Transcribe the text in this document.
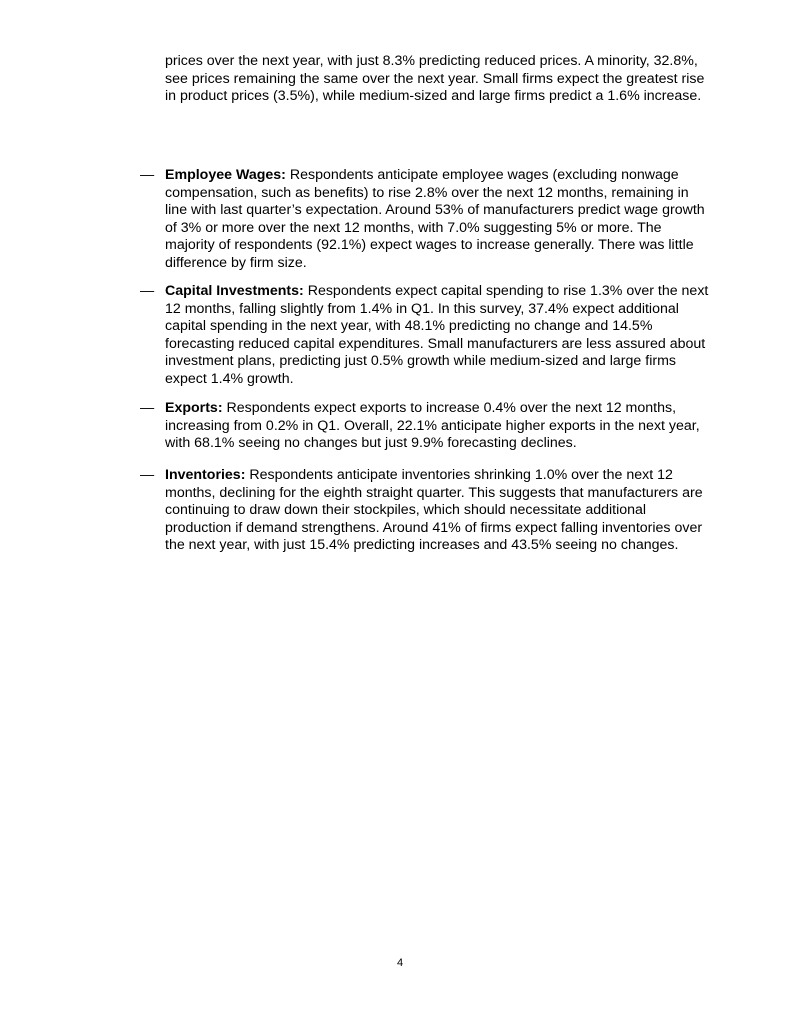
prices over the next year, with just 8.3% predicting reduced prices. A minority, 32.8%, see prices remaining the same over the next year. Small firms expect the greatest rise in product prices (3.5%), while medium-sized and large firms predict a 1.6% increase.
— Employee Wages: Respondents anticipate employee wages (excluding nonwage compensation, such as benefits) to rise 2.8% over the next 12 months, remaining in line with last quarter’s expectation. Around 53% of manufacturers predict wage growth of 3% or more over the next 12 months, with 7.0% suggesting 5% or more. The majority of respondents (92.1%) expect wages to increase generally. There was little difference by firm size.
— Capital Investments: Respondents expect capital spending to rise 1.3% over the next 12 months, falling slightly from 1.4% in Q1. In this survey, 37.4% expect additional capital spending in the next year, with 48.1% predicting no change and 14.5% forecasting reduced capital expenditures. Small manufacturers are less assured about investment plans, predicting just 0.5% growth while medium-sized and large firms expect 1.4% growth.
— Exports: Respondents expect exports to increase 0.4% over the next 12 months, increasing from 0.2% in Q1. Overall, 22.1% anticipate higher exports in the next year, with 68.1% seeing no changes but just 9.9% forecasting declines.
— Inventories: Respondents anticipate inventories shrinking 1.0% over the next 12 months, declining for the eighth straight quarter. This suggests that manufacturers are continuing to draw down their stockpiles, which should necessitate additional production if demand strengthens. Around 41% of firms expect falling inventories over the next year, with just 15.4% predicting increases and 43.5% seeing no changes.
4
